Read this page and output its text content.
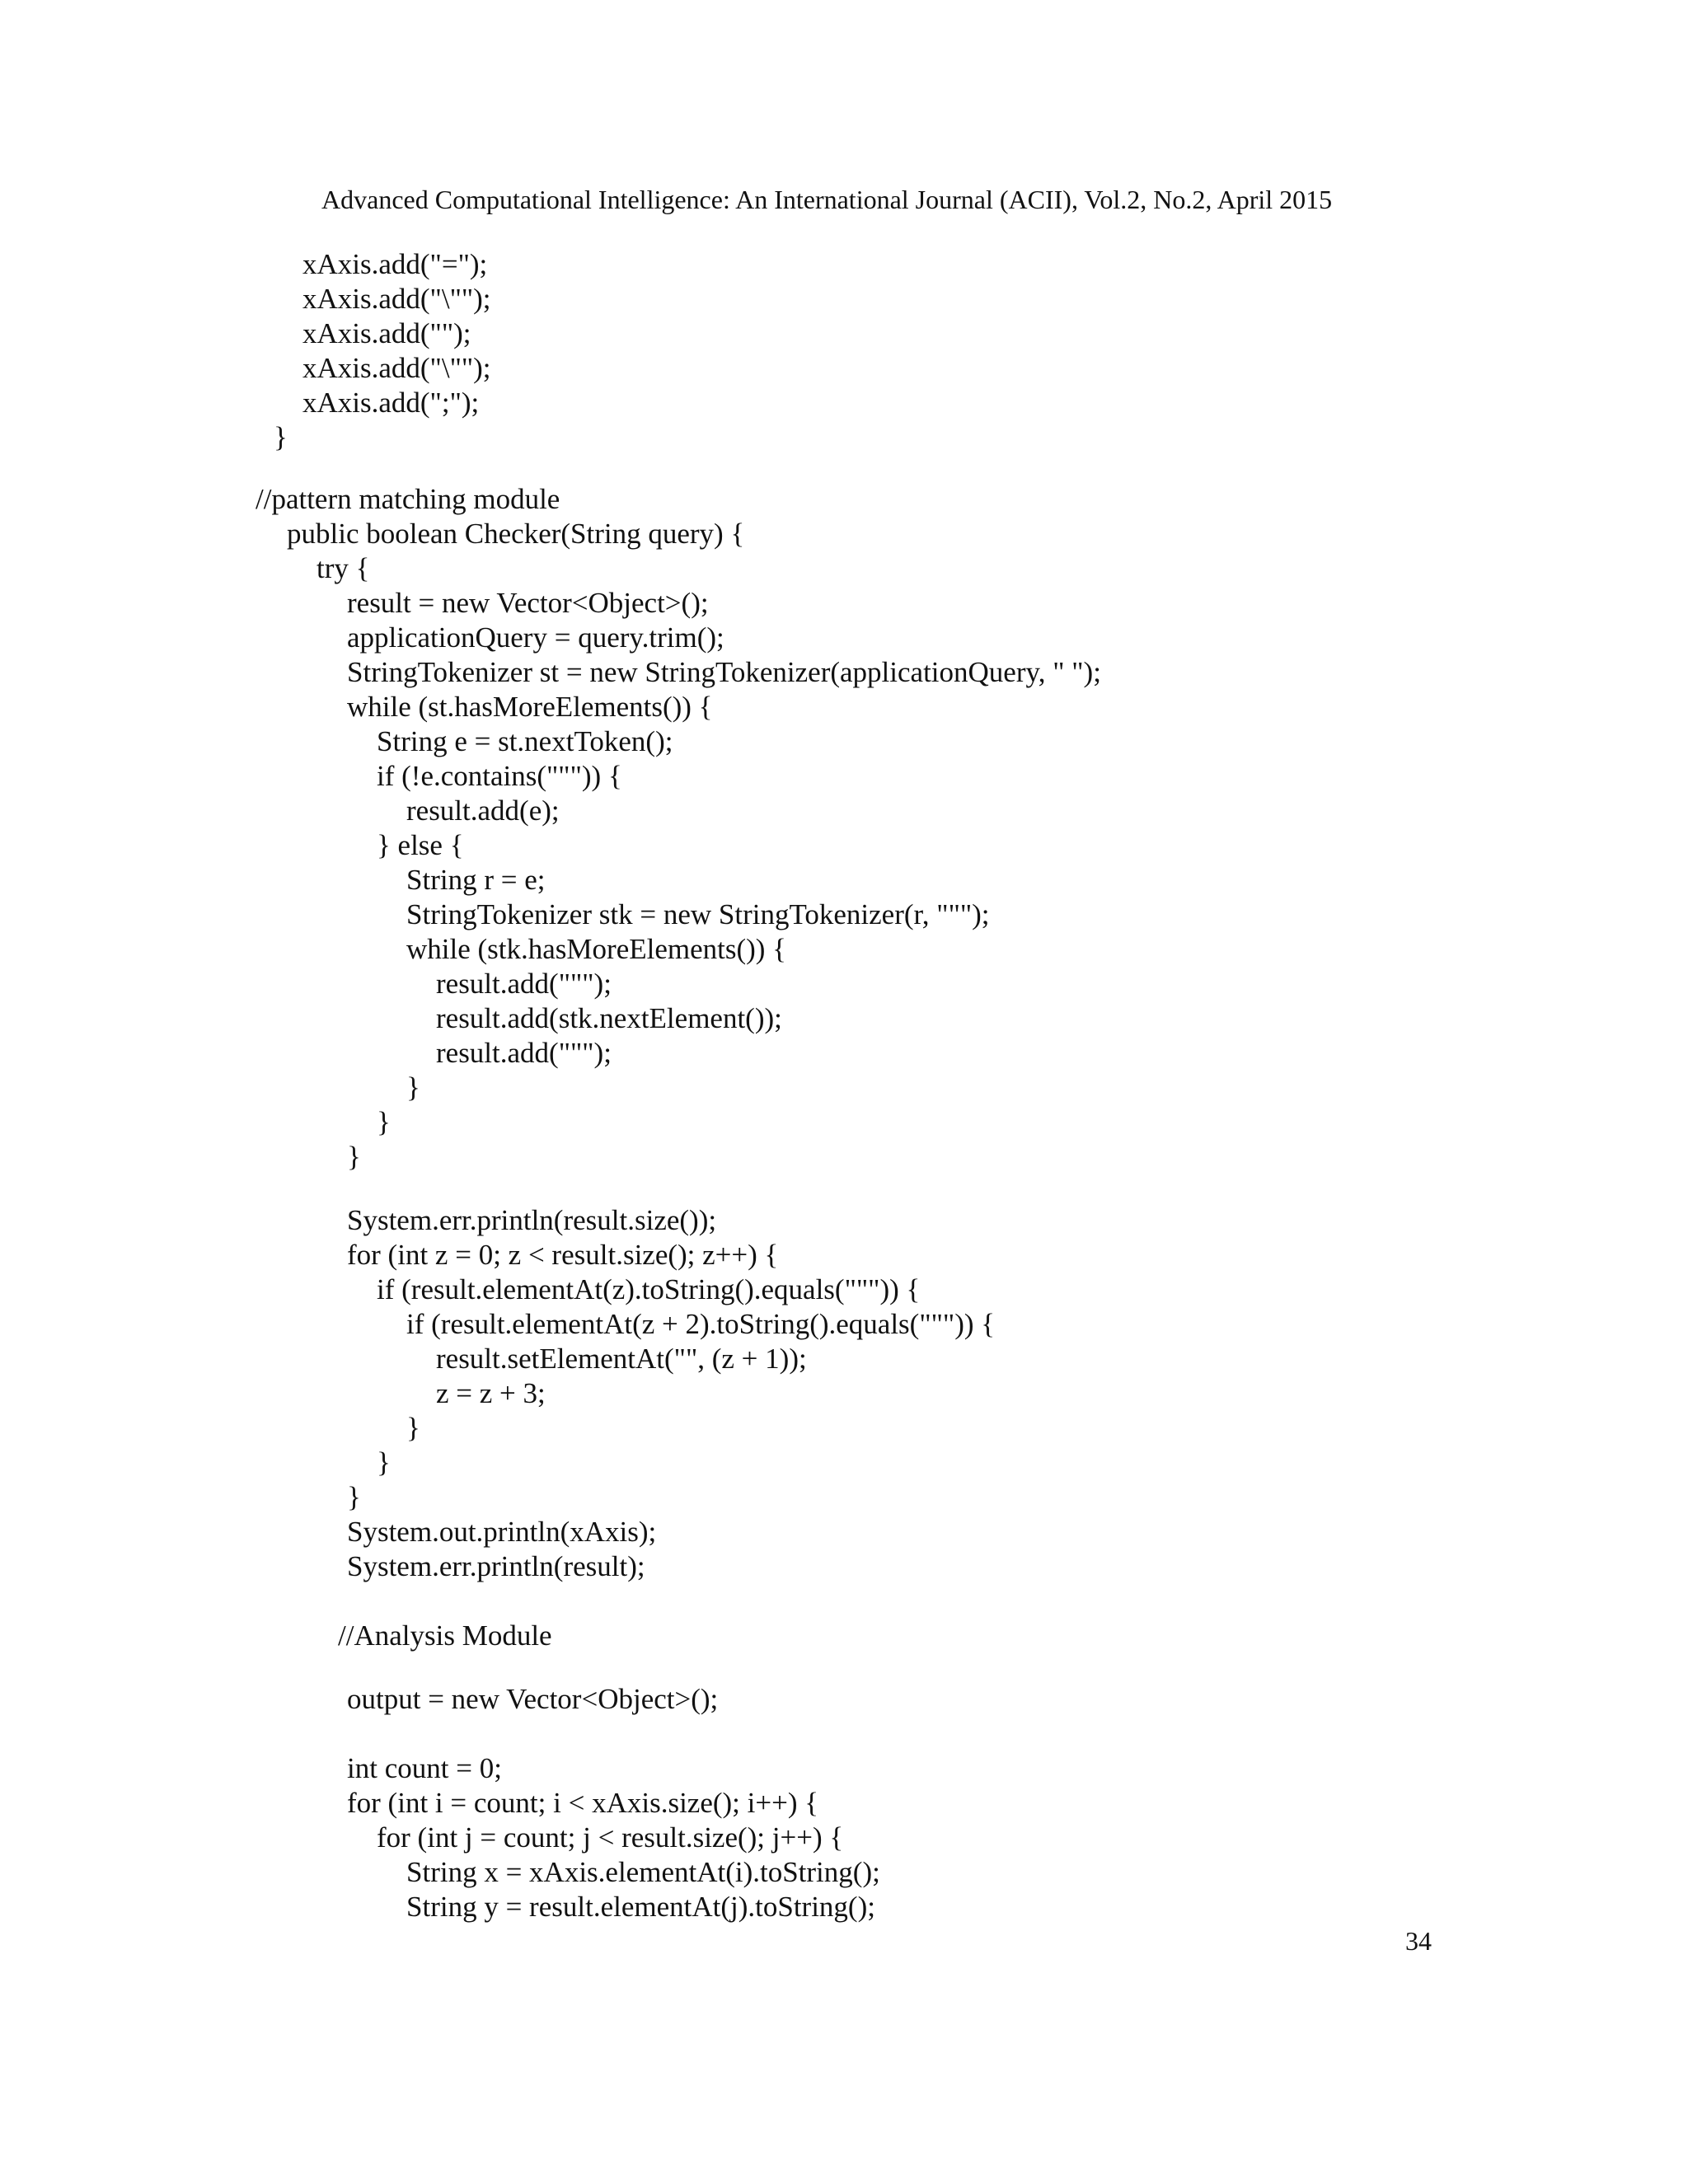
Advanced Computational Intelligence: An International Journal (ACII), Vol.2, No.2, April 2015
xAxis.add("=");
xAxis.add("\"");
xAxis.add("");
xAxis.add("\"");
xAxis.add(";");
}
//pattern matching module
public boolean Checker(String query) {
try {
result = new Vector<Object>();
applicationQuery = query.trim();
StringTokenizer st = new StringTokenizer(applicationQuery, " ");
while (st.hasMoreElements()) {
String e = st.nextToken();
if (!e.contains(""")) {
result.add(e);
} else {
String r = e;
StringTokenizer stk = new StringTokenizer(r, """);
while (stk.hasMoreElements()) {
result.add(""");
result.add(stk.nextElement());
result.add(""");
}
}
}
System.err.println(result.size());
for (int z = 0; z < result.size(); z++) {
if (result.elementAt(z).toString().equals(""")) {
if (result.elementAt(z + 2).toString().equals(""")) {
result.setElementAt("", (z + 1));
z = z + 3;
}
}
}
System.out.println(xAxis);
System.err.println(result);
//Analysis Module
output = new Vector<Object>();
int count = 0;
for (int i = count; i < xAxis.size(); i++) {
for (int j = count; j < result.size(); j++) {
String x = xAxis.elementAt(i).toString();
String y = result.elementAt(j).toString();
34
